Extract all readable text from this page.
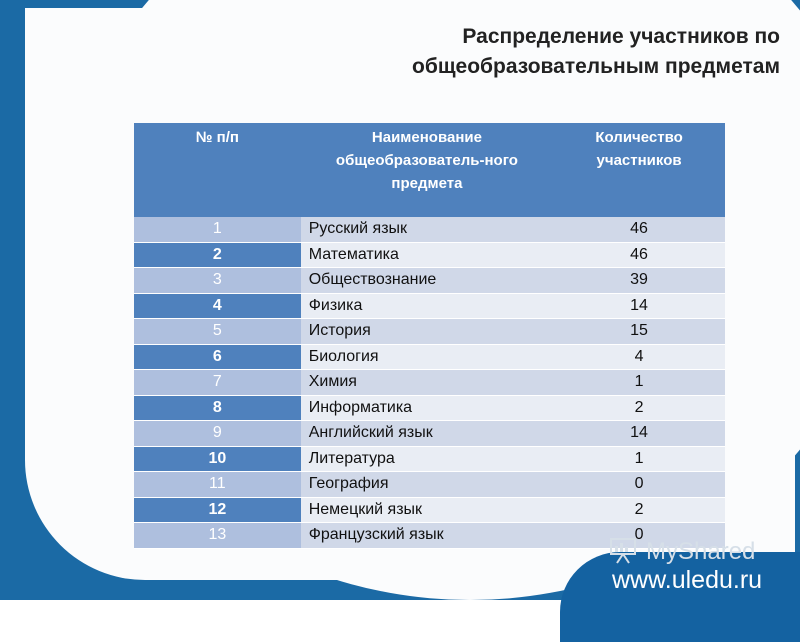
Распределение участников по
общеобразовательным предметам
№ п/п	Наименование общеобразователь-ного предмета	Количество участников
1	Русский язык	46
2	Математика	46
3	Обществознание	39
4	Физика	14
5	История	15
6	Биология	4
7	Химия	1
8	Информатика	2
9	Английский язык	14
10	Литература	1
11	География	0
12	Немецкий язык	2
13	Французский язык	0
MyShared
www.uledu.ru
